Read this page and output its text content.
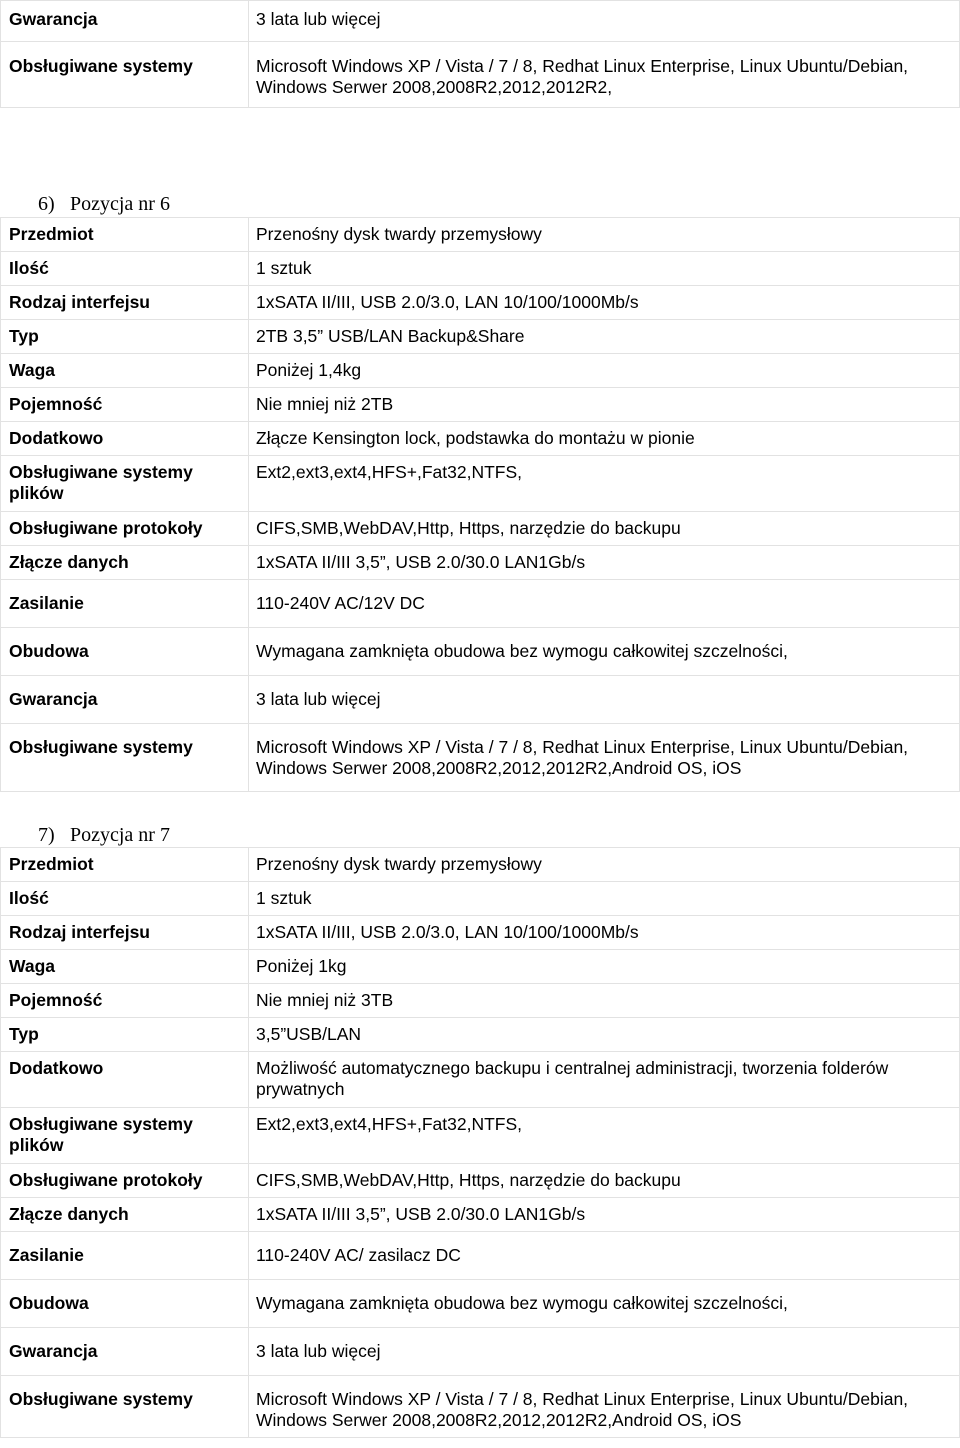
Gwarancja	3 lata lub więcej
Obsługiwane systemy	Microsoft Windows XP / Vista / 7 / 8, Redhat Linux Enterprise, Linux Ubuntu/Debian, Windows Serwer 2008,2008R2,2012,2012R2,
6) Pozycja nr 6
Przedmiot	Przenośny dysk twardy przemysłowy
Ilość	1 sztuk
Rodzaj interfejsu	1xSATA II/III, USB 2.0/3.0, LAN 10/100/1000Mb/s
Typ	2TB 3,5” USB/LAN Backup&Share
Waga	Poniżej 1,4kg
Pojemność	Nie mniej niż 2TB
Dodatkowo	Złącze Kensington lock, podstawka do montażu w pionie
Obsługiwane systemy plików	Ext2,ext3,ext4,HFS+,Fat32,NTFS,
Obsługiwane protokoły	CIFS,SMB,WebDAV,Http, Https, narzędzie do backupu
Złącze danych	1xSATA II/III 3,5”, USB 2.0/30.0 LAN1Gb/s
Zasilanie	110-240V AC/12V DC
Obudowa	Wymagana zamknięta obudowa bez wymogu całkowitej szczelności,
Gwarancja	3 lata lub więcej
Obsługiwane systemy	Microsoft Windows XP / Vista / 7 / 8, Redhat Linux Enterprise, Linux Ubuntu/Debian, Windows Serwer 2008,2008R2,2012,2012R2,Android OS, iOS
7) Pozycja nr 7
Przedmiot	Przenośny dysk twardy przemysłowy
Ilość	1 sztuk
Rodzaj interfejsu	1xSATA II/III, USB 2.0/3.0, LAN 10/100/1000Mb/s
Waga	Poniżej 1kg
Pojemność	Nie mniej niż 3TB
Typ	3,5”USB/LAN
Dodatkowo	Możliwość automatycznego backupu i centralnej administracji, tworzenia folderów prywatnych
Obsługiwane systemy plików	Ext2,ext3,ext4,HFS+,Fat32,NTFS,
Obsługiwane protokoły	CIFS,SMB,WebDAV,Http, Https, narzędzie do backupu
Złącze danych	1xSATA II/III 3,5”, USB 2.0/30.0 LAN1Gb/s
Zasilanie	110-240V AC/ zasilacz DC
Obudowa	Wymagana zamknięta obudowa bez wymogu całkowitej szczelności,
Gwarancja	3 lata lub więcej
Obsługiwane systemy	Microsoft Windows XP / Vista / 7 / 8, Redhat Linux Enterprise, Linux Ubuntu/Debian, Windows Serwer 2008,2008R2,2012,2012R2,Android OS, iOS
